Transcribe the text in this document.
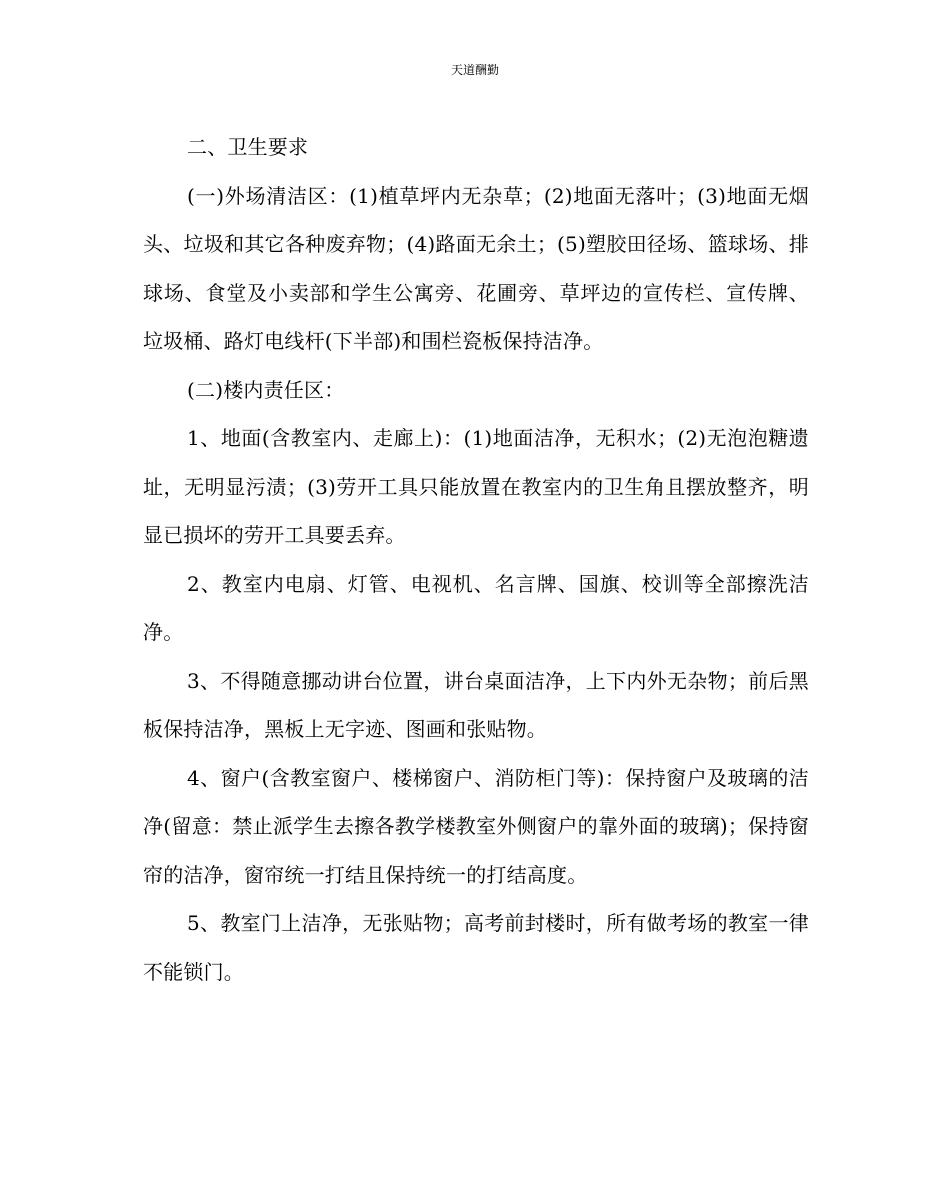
天道酬勤

二、卫生要求

(一)外场清洁区：(1)植草坪内无杂草；(2)地面无落叶；(3)地面无烟头、垃圾和其它各种废弃物；(4)路面无余土；(5)塑胶田径场、篮球场、排球场、食堂及小卖部和学生公寓旁、花圃旁、草坪边的宣传栏、宣传牌、垃圾桶、路灯电线杆(下半部)和围栏瓷板保持洁净。

(二)楼内责任区：

1、地面(含教室内、走廊上)：(1)地面洁净，无积水；(2)无泡泡糖遗址，无明显污渍；(3)劳开工具只能放置在教室内的卫生角且摆放整齐，明显已损坏的劳开工具要丢弃。

2、教室内电扇、灯管、电视机、名言牌、国旗、校训等全部擦洗洁净。

3、不得随意挪动讲台位置，讲台桌面洁净，上下内外无杂物；前后黑板保持洁净，黑板上无字迹、图画和张贴物。

4、窗户(含教室窗户、楼梯窗户、消防柜门等)：保持窗户及玻璃的洁净(留意：禁止派学生去擦各教学楼教室外侧窗户的靠外面的玻璃)；保持窗帘的洁净，窗帘统一打结且保持统一的打结高度。

5、教室门上洁净，无张贴物；高考前封楼时，所有做考场的教室一律不能锁门。
